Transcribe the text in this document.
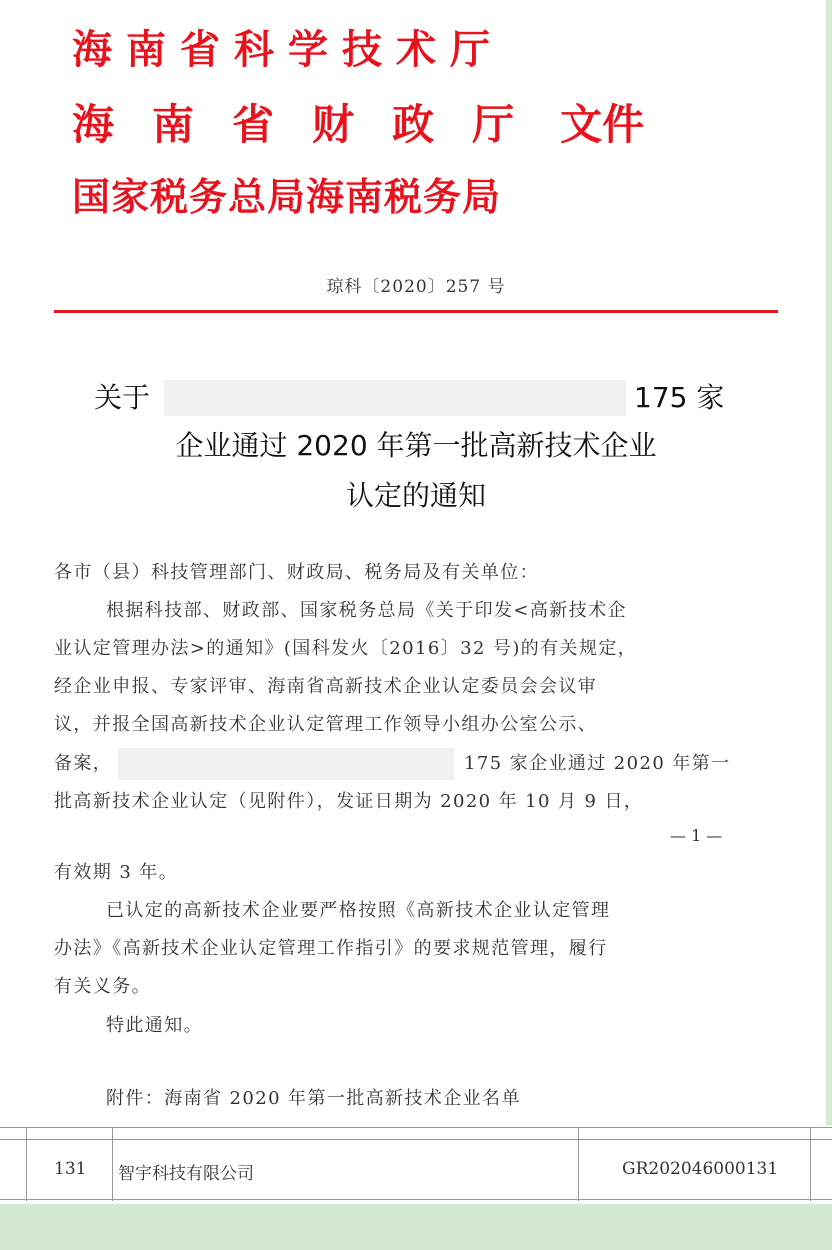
海南省科学技术厅
海 南 省 财 政 厅 文件
国家税务总局海南税务局
琼科〔2020〕257 号
关于	175 家
企业通过 2020 年第一批高新技术企业
认定的通知
各市（县）科技管理部门、财政局、税务局及有关单位：
根据科技部、财政部、国家税务总局《关于印发<高新技术企
业认定管理办法>的通知》(国科发火〔2016〕32 号)的有关规定，
经企业申报、专家评审、海南省高新技术企业认定委员会会议审
议，并报全国高新技术企业认定管理工作领导小组办公室公示、
备案，	175 家企业通过 2020 年第一
批高新技术企业认定（见附件），发证日期为 2020 年 10 月 9 日，
— 1 —
有效期 3 年。
已认定的高新技术企业要严格按照《高新技术企业认定管理
办法》《高新技术企业认定管理工作指引》的要求规范管理，履行
有关义务。
特此通知。
附件：海南省 2020 年第一批高新技术企业名单
131 智宇科技有限公司	GR202046000131
